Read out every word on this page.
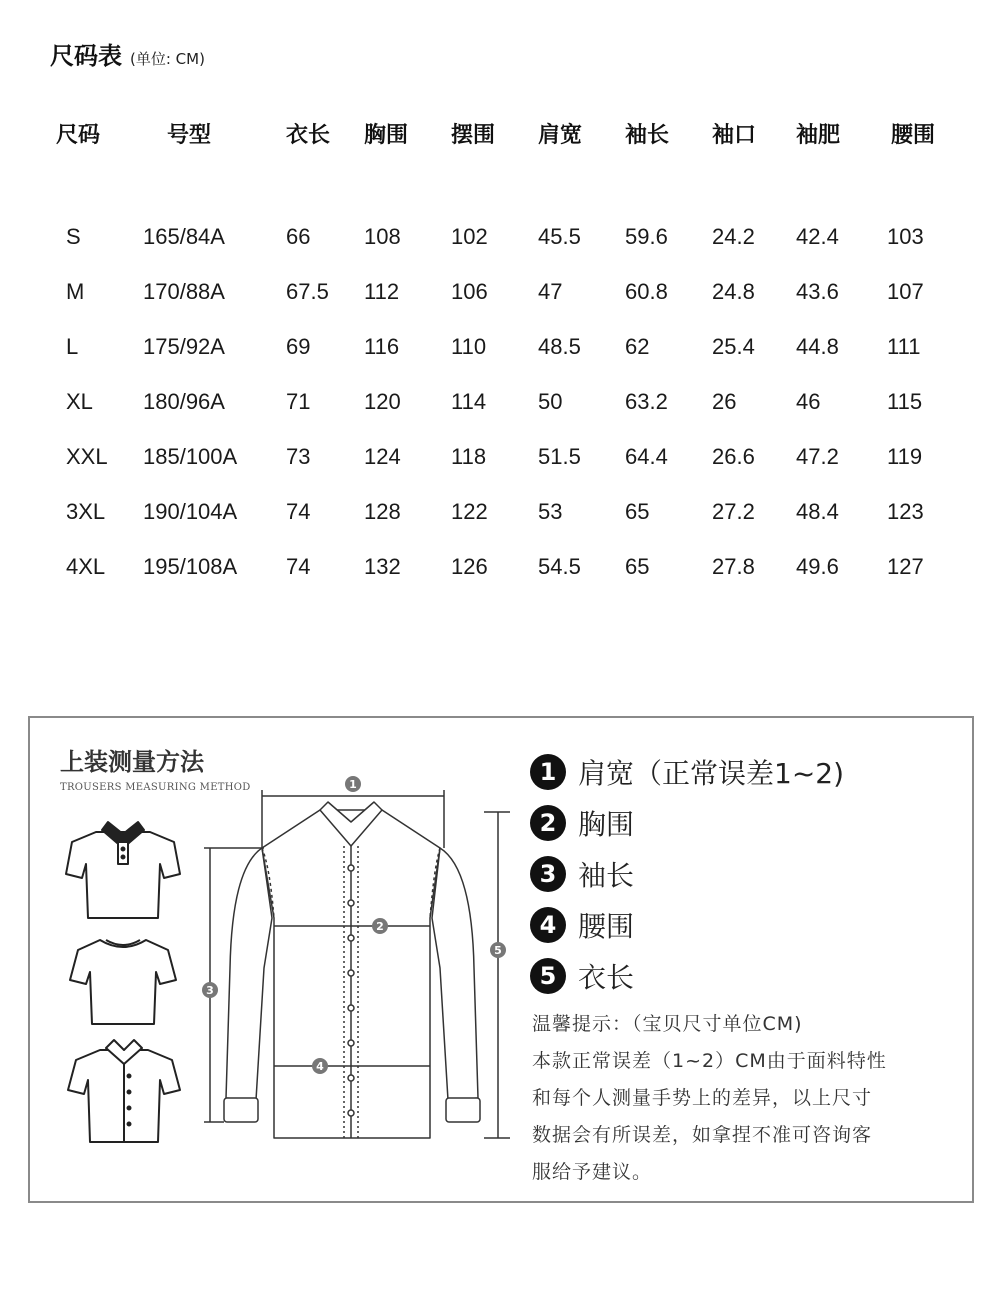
尺码表 (单位: CM)
	尺码	号型	衣长	胸围	摆围	肩宽	袖长	袖口	袖肥	腰围

	S	165/84A	66	108	102	45.5	59.6	24.2	42.4	103
	M	170/88A	67.5	112	106	47	60.8	24.8	43.6	107
	L	175/92A	69	116	110	48.5	62	25.4	44.8	111
	XL	180/96A	71	120	114	50	63.2	26	46	115
	XXL	185/100A	73	124	118	51.5	64.4	26.6	47.2	119
	3XL	190/104A	74	128	122	53	65	27.2	48.4	123
	4XL	195/108A	74	132	126	54.5	65	27.8	49.6	127
上装测量方法
TROUSERS MEASURING METHOD	1
2
3
4
5
1 肩宽（正常误差1~2)
2 胸围
3 袖长
4 腰围
5 衣长

温馨提示：（宝贝尺寸单位CM)

本款正常误差（1~2）CM由于面料特性

和每个人测量手势上的差异，以上尺寸

数据会有所误差，如拿捏不准可咨询客

服给予建议。
